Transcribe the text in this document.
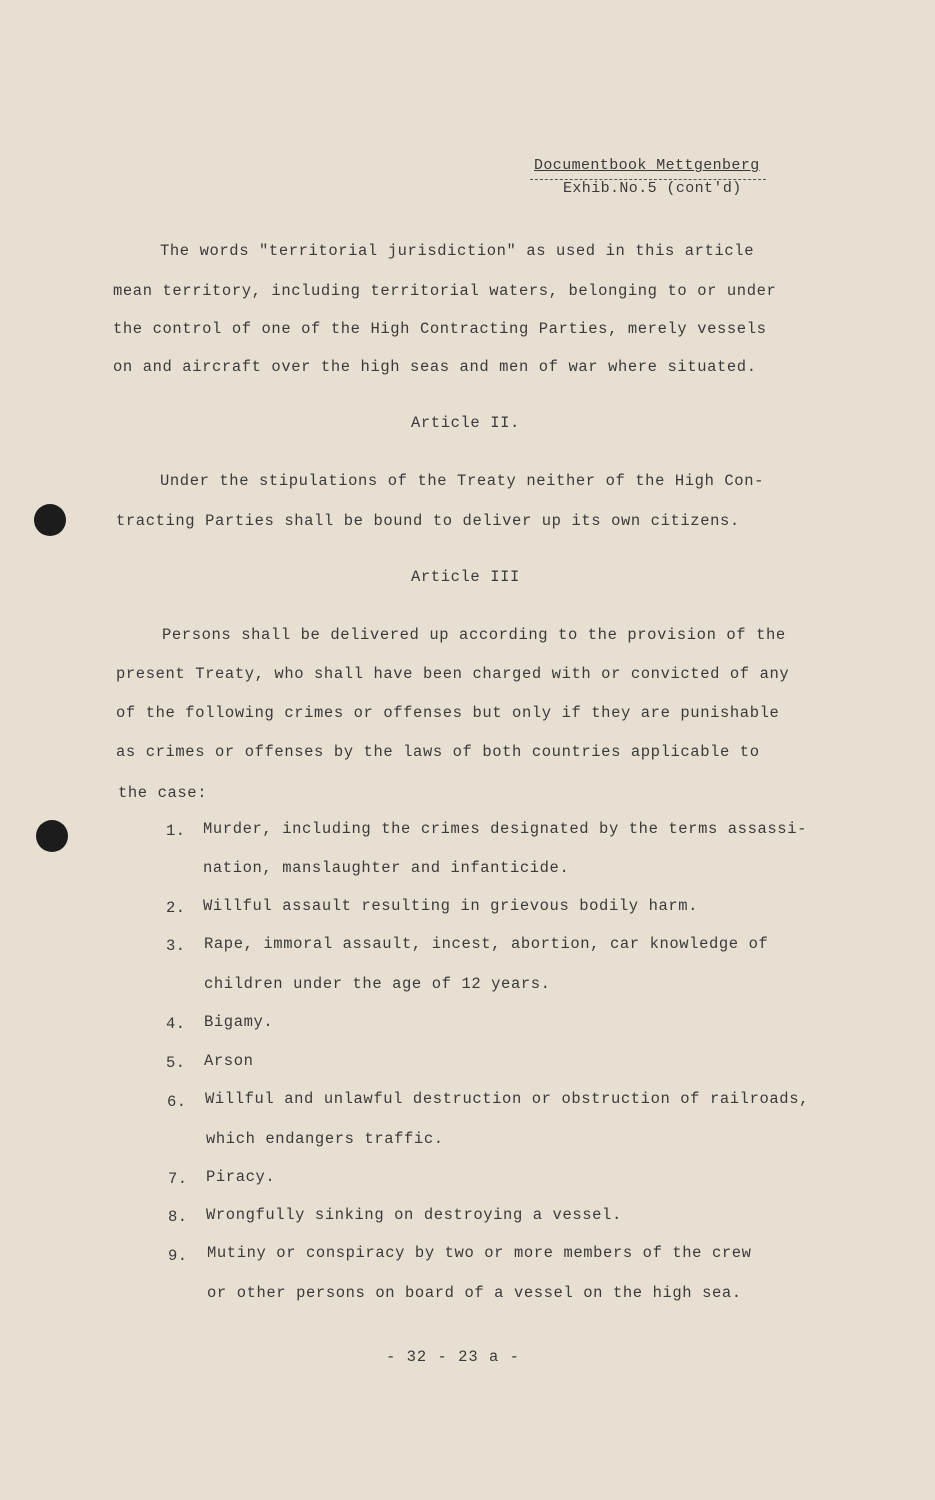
Documentbook Mettgenberg
Exhib.No.5 (cont'd)
The words "territorial jurisdiction" as used in this article
mean territory, including territorial waters, belonging to or under
the control of one of the High Contracting Parties, merely vessels
on and aircraft over the high seas and men of war where situated.
Article II.
Under the stipulations of the Treaty neither of the High Con-
tracting Parties shall be bound to deliver up its own citizens.
Article III
Persons shall be delivered up according to the provision of the
present Treaty, who shall have been charged with or convicted of any
of the following crimes or offenses but only if they are punishable
as crimes or offenses by the laws of both countries applicable to
the case:
1. Murder, including the crimes designated by the terms assassi-
nation, manslaughter and infanticide.
2. Willful assault resulting in grievous bodily harm.
3. Rape, immoral assault, incest, abortion, car knowledge of
children under the age of 12 years.
4. Bigamy.
5. Arson
6. Willful and unlawful destruction or obstruction of railroads,
which endangers traffic.
7. Piracy.
8. Wrongfully sinking on destroying a vessel.
9. Mutiny or conspiracy by two or more members of the crew
or other persons on board of a vessel on the high sea.
- 32 - 23 a -
